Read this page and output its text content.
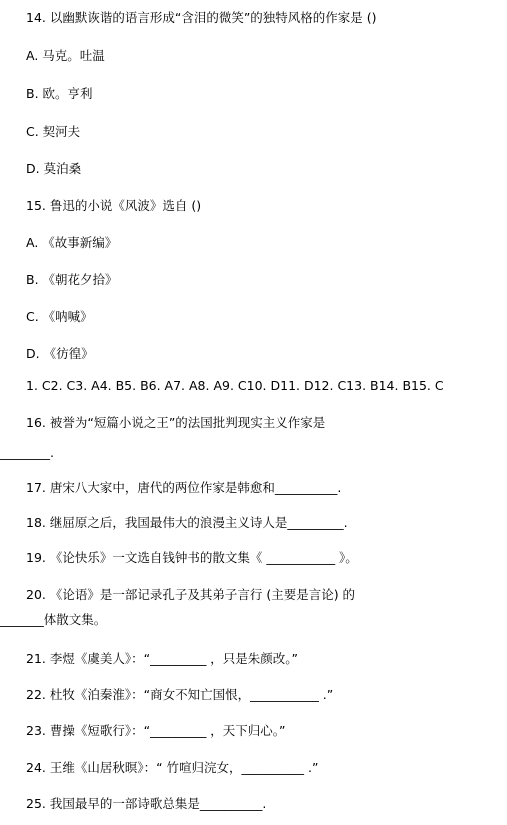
14. 以幽默诙谐的语言形成“含泪的微笑”的独特风格的作家是 ()
A. 马克。吐温
B. 欧。亨利
C. 契河夫
D. 莫泊桑
15. 鲁迅的小说《风波》选自 ()
A. 《故事新编》
B. 《朝花夕拾》
C. 《呐喊》
D. 《彷徨》
1. C2. C3. A4. B5. B6. A7. A8. A9. C10. D11. D12. C13. B14. B15. C
16. 被誉为“短篇小说之王”的法国批判现实主义作家是
________.
17. 唐宋八大家中，唐代的两位作家是韩愈和__________.
18. 继屈原之后，我国最伟大的浪漫主义诗人是_________.
19. 《论快乐》一文选自钱钟书的散文集《 ___________ 》。
20. 《论语》是一部记录孔子及其弟子言行 (主要是言论) 的
_______体散文集。
21. 李煜《虞美人》：“_________ ，只是朱颜改。”
22. 杜牧《泊秦淮》：“商女不知亡国恨，___________ .”
23. 曹操《短歌行》：“_________ ，天下归心。”
24. 王维《山居秋暝》：“ 竹喧归浣女，__________ .”
25. 我国最早的一部诗歌总集是__________.
